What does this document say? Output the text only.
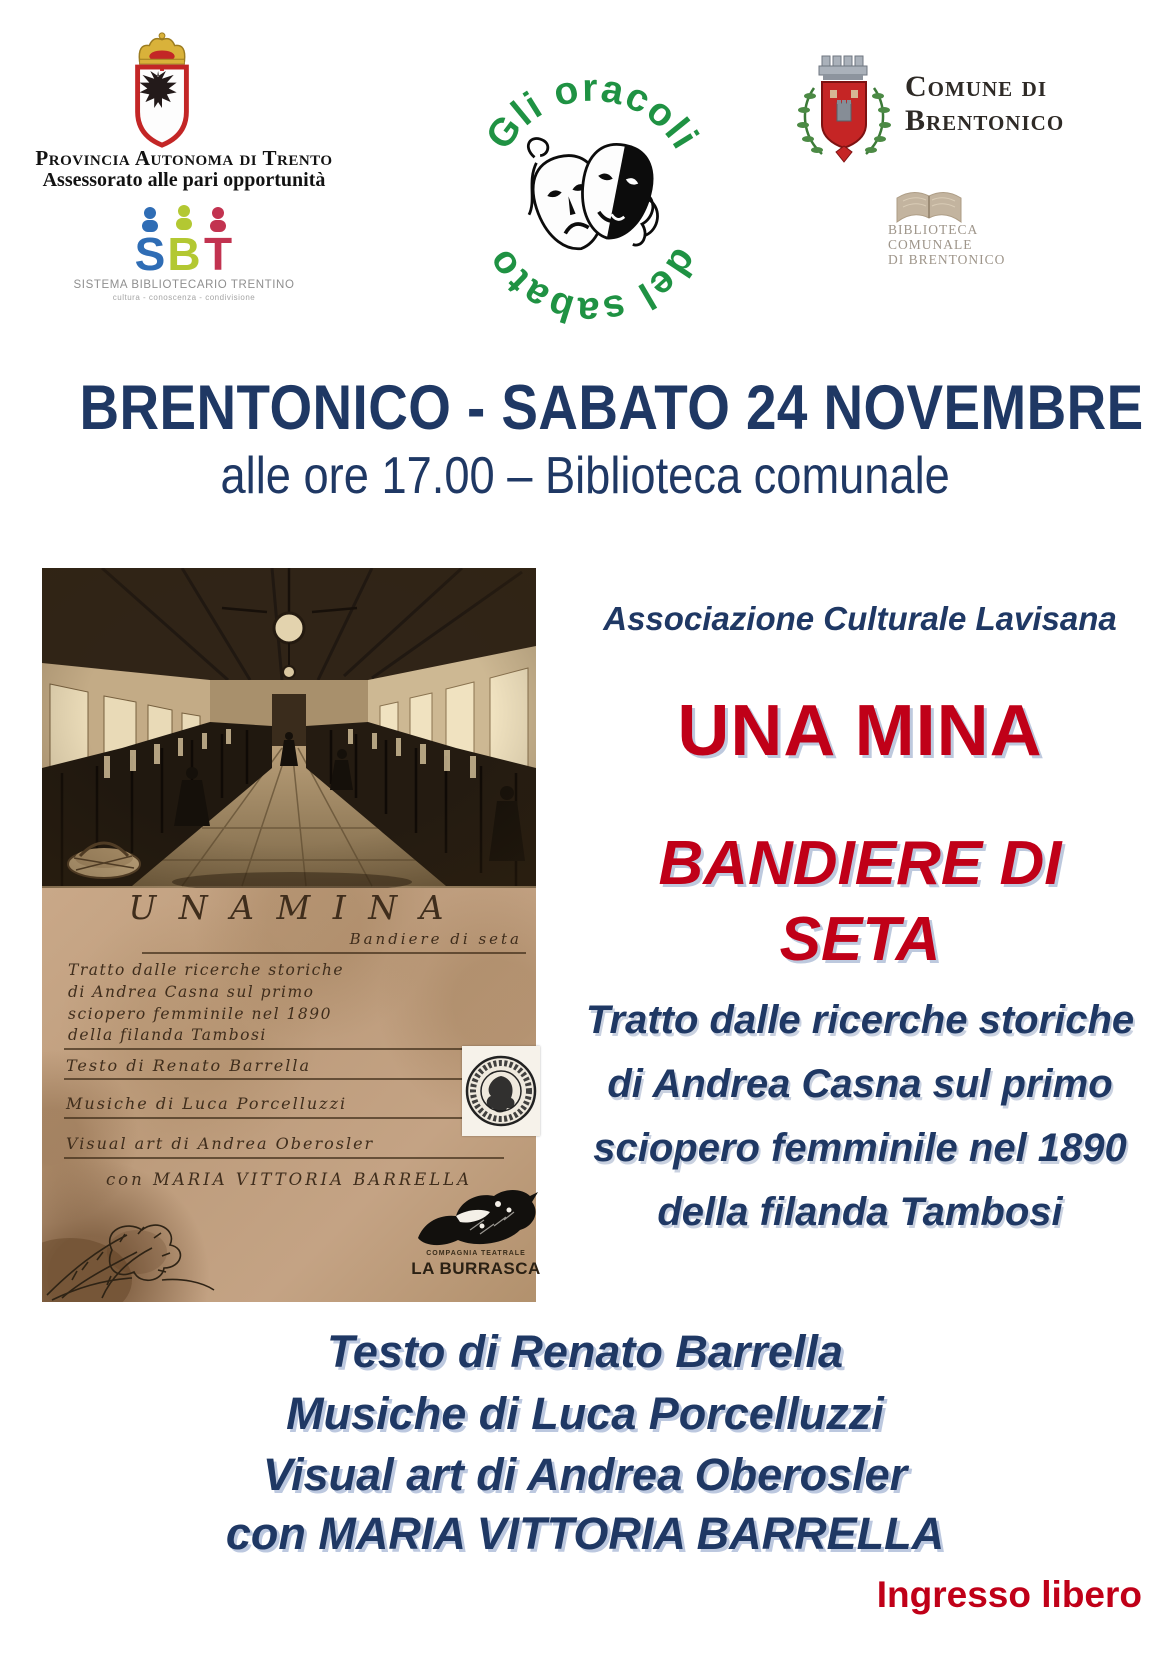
Provincia Autonoma di Trento
Assessorato alle pari opportunità
S B T
SISTEMA BIBLIOTECARIO TRENTINO
cultura - conoscenza - condivisione
Gli oracoli
del sabato
Comune di
Brentonico
BIBLIOTECA
COMUNALE
DI BRENTONICO
BRENTONICO - SABATO 24 NOVEMBRE
alle ore 17.00 – Biblioteca comunale
U N A M I N A
Bandiere di seta
Tratto dalle ricerche storiche
di Andrea Casna sul primo
sciopero femminile nel 1890
della filanda Tambosi
Testo di Renato Barrella
Musiche di Luca Porcelluzzi
Visual art di Andrea Oberosler
con MARIA VITTORIA BARRELLA
COMPAGNIA TEATRALE
LA BURRASCA
Associazione Culturale Lavisana
UNA MINA
BANDIERE DI
SETA
Tratto dalle ricerche storiche
di Andrea Casna sul primo
sciopero femminile nel 1890
della filanda Tambosi
Testo di Renato Barrella
Musiche di Luca Porcelluzzi
Visual art di Andrea Oberosler
con MARIA VITTORIA BARRELLA
Ingresso libero
